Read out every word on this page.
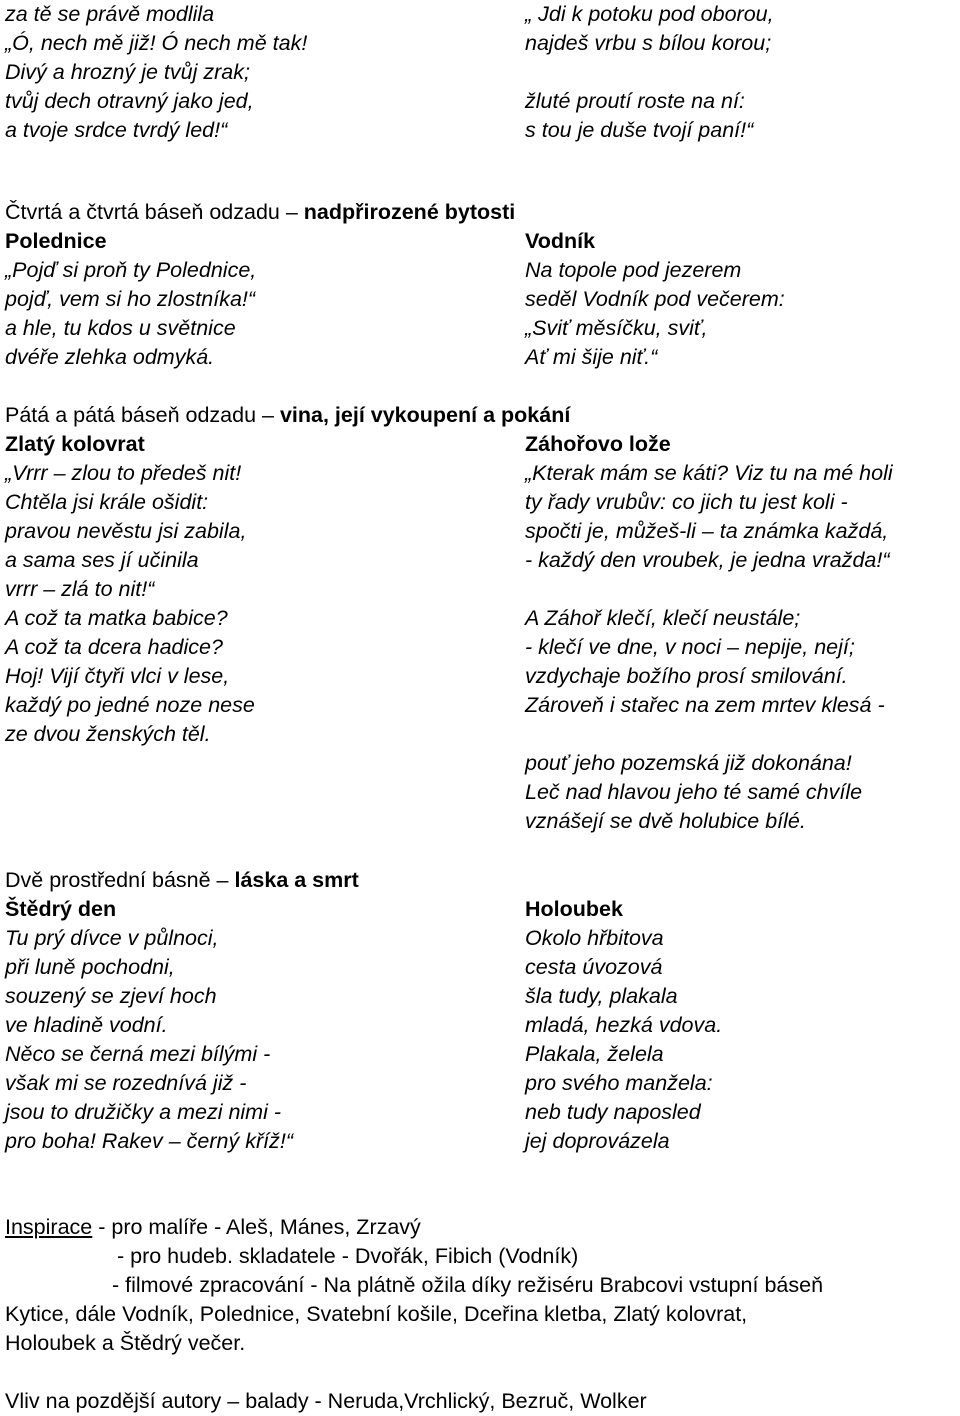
za tě se právě modlila
„Ó, nech mě již! Ó nech mě tak!
Divý a hrozný je tvůj zrak;
tvůj dech otravný jako jed,
a tvoje srdce tvrdý led!“
„ Jdi k potoku pod oborou,
najdeš vrbu s bílou korou;
žluté proutí roste na ní:
s tou je duše tvojí paní!“
Čtvrtá a čtvrtá báseň odzadu – nadpřirozené bytosti
Polednice
„Pojď si proň ty Polednice,
pojď, vem si ho zlostníka!“
a hle, tu kdos u světnice
dvéře zlehka odmyká.
Vodník
Na topole pod jezerem
seděl Vodník pod večerem:
„Sviť měsíčku, sviť,
Ať mi šije niť.“
Pátá a pátá báseň odzadu – vina, její vykoupení a pokání
Zlatý kolovrat
„Vrrr – zlou to předeš nit!
Chtěla jsi krále ošidit:
pravou nevěstu jsi zabila,
a sama ses jí učinila
vrrr – zlá to nit!“
A což ta matka babice?
A což ta dcera hadice?
Hoj! Vijí čtyři vlci v lese,
každý po jedné noze nese
ze dvou ženských těl.
Záhořovo lože
„Kterak mám se káti? Viz tu na mé holi
ty řady vrubův: co jich tu jest koli -
spočti je, můžeš-li – ta známka každá,
- každý den vroubek, je jedna vražda!“
A Záhoř klečí, klečí neustále;
- klečí ve dne, v noci – nepije, nejí;
vzdychaje božího prosí smilování.
Zároveň i stařec na zem mrtev klesá -
pouť jeho pozemská již dokonána!
Leč nad hlavou jeho té samé chvíle
vznášejí se dvě holubice bílé.
Dvě prostřední básně – láska a smrt
Štědrý den
Tu prý dívce v půlnoci,
při luně pochodni,
souzený se zjeví hoch
ve hladině vodní.
Něco se černá mezi bílými -
však mi se rozednívá již -
jsou to družičky a mezi nimi -
pro boha! Rakev – černý kříž!“
Holoubek
Okolo hřbitova
cesta úvozová
šla tudy, plakala
mladá, hezká vdova.
Plakala, želela
pro svého manžela:
neb tudy naposled
jej doprovázela
Inspirace - pro malíře - Aleš, Mánes, Zrzavý
- pro hudeb. skladatele - Dvořák, Fibich (Vodník)
- filmové zpracování - Na plátně ožila díky režiséru Brabcovi vstupní báseň
Kytice, dále Vodník, Polednice, Svatební košile, Dceřina kletba, Zlatý kolovrat,
Holoubek a Štědrý večer.
Vliv na pozdější autory – balady - Neruda,Vrchlický, Bezruč, Wolker
